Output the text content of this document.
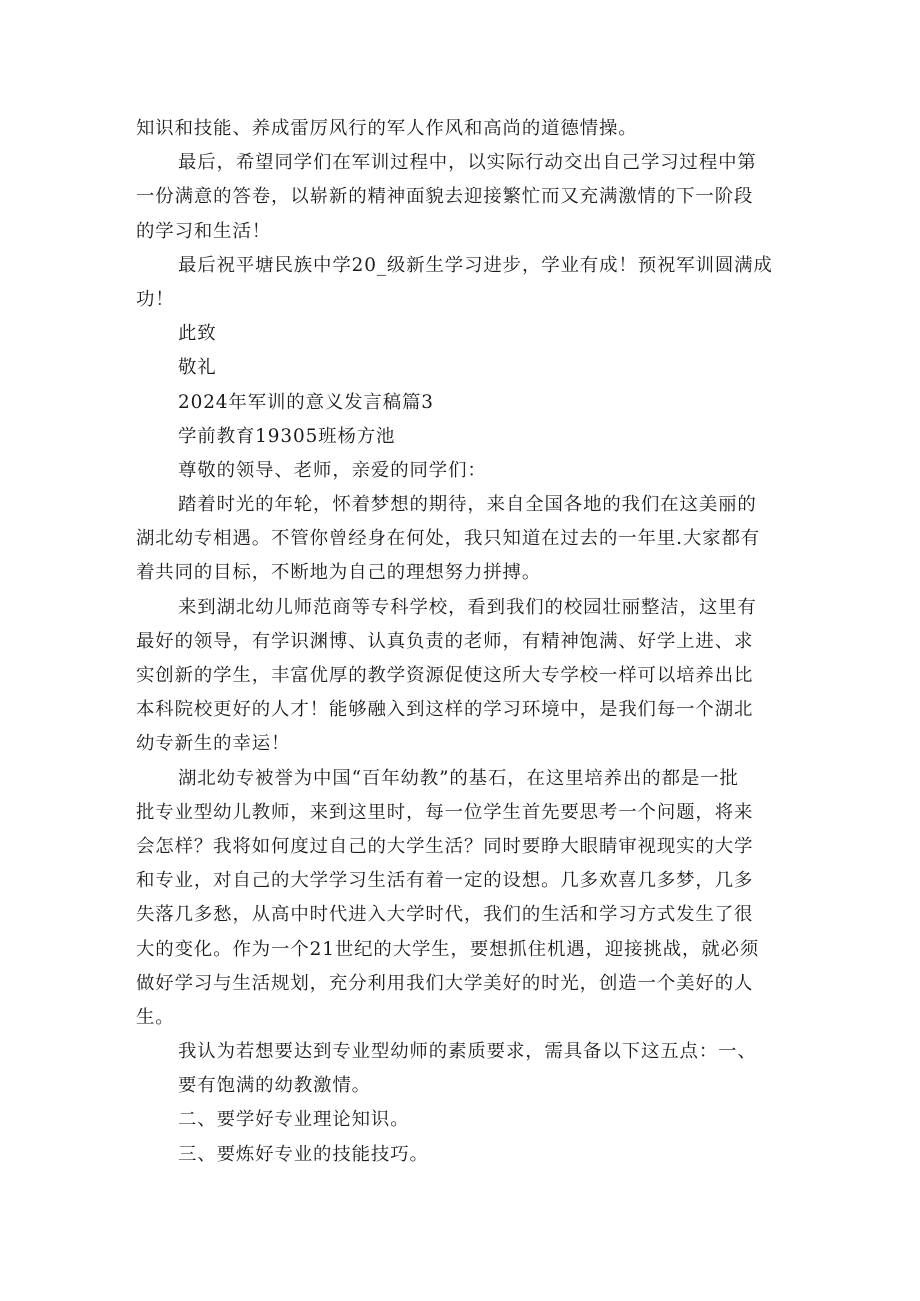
知识和技能、养成雷厉风行的军人作风和高尚的道德情操。
最后，希望同学们在军训过程中，以实际行动交出自己学习过程中第
一份满意的答卷，以崭新的精神面貌去迎接繁忙而又充满激情的下一阶段
的学习和生活！
最后祝平塘民族中学20_级新生学习进步，学业有成！预祝军训圆满成
功！
此致
敬礼
2024年军训的意义发言稿篇3
学前教育19305班杨方池
尊敬的领导、老师，亲爱的同学们：
踏着时光的年轮，怀着梦想的期待，来自全国各地的我们在这美丽的
湖北幼专相遇。不管你曾经身在何处，我只知道在过去的一年里.大家都有
着共同的目标，不断地为自己的理想努力拼搏。
来到湖北幼儿师范商等专科学校，看到我们的校园壮丽整洁，这里有
最好的领导，有学识渊博、认真负责的老师，有精神饱满、好学上进、求
实创新的学生，丰富优厚的教学资源促使这所大专学校一样可以培养出比
本科院校更好的人才！能够融入到这样的学习环境中，是我们每一个湖北
幼专新生的幸运！
湖北幼专被誉为中国“百年幼教”的基石，在这里培养出的都是一批
批专业型幼儿教师，来到这里时，每一位学生首先要思考一个问题，将来
会怎样？我将如何度过自己的大学生活？同时要睁大眼睛审视现实的大学
和专业，对自己的大学学习生活有着一定的设想。几多欢喜几多梦，几多
失落几多愁，从高中时代进入大学时代，我们的生活和学习方式发生了很
大的变化。作为一个21世纪的大学生，要想抓住机遇，迎接挑战，就必须
做好学习与生活规划，充分利用我们大学美好的时光，创造一个美好的人
生。
我认为若想要达到专业型幼师的素质要求，需具备以下这五点：一、
要有饱满的幼教激情。
二、要学好专业理论知识。
三、要炼好专业的技能技巧。
